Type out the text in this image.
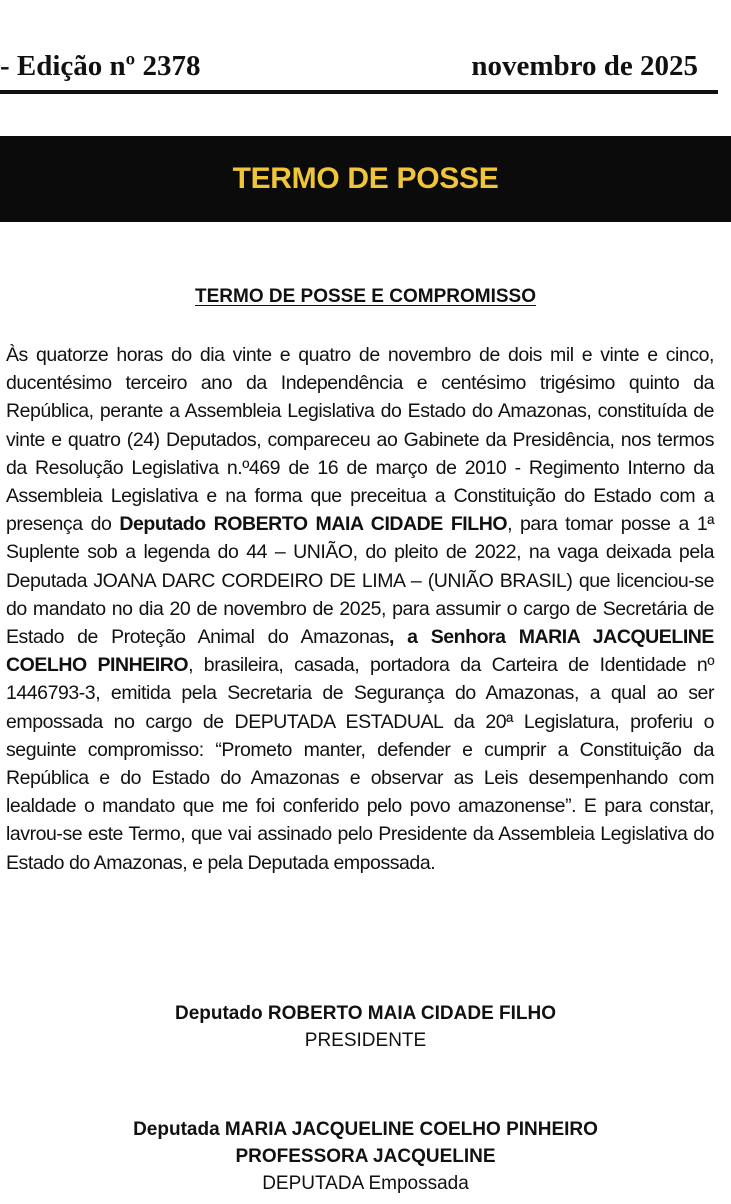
- Edição nº 2378	novembro de 2025
TERMO DE POSSE
TERMO DE POSSE E COMPROMISSO
Às quatorze horas do dia vinte e quatro de novembro de dois mil e vinte e cinco, ducentésimo terceiro ano da Independência e centésimo trigésimo quinto da República, perante a Assembleia Legislativa do Estado do Amazonas, constituída de vinte e quatro (24) Deputados, compareceu ao Gabinete da Presidência, nos termos da Resolução Legislativa n.º469 de 16 de março de 2010 - Regimento Interno da Assembleia Legislativa e na forma que preceitua a Constituição do Estado com a presença do Deputado ROBERTO MAIA CIDADE FILHO, para tomar posse a 1ª Suplente sob a legenda do 44 – UNIÃO, do pleito de 2022, na vaga deixada pela Deputada JOANA DARC CORDEIRO DE LIMA – (UNIÃO BRASIL) que licenciou-se do mandato no dia 20 de novembro de 2025, para assumir o cargo de Secretária de Estado de Proteção Animal do Amazonas, a Senhora MARIA JACQUELINE COELHO PINHEIRO, brasileira, casada, portadora da Carteira de Identidade nº 1446793-3, emitida pela Secretaria de Segurança do Amazonas, a qual ao ser empossada no cargo de DEPUTADA ESTADUAL da 20ª Legislatura, proferiu o seguinte compromisso: “Prometo manter, defender e cumprir a Constituição da República e do Estado do Amazonas e observar as Leis desempenhando com lealdade o mandato que me foi conferido pelo povo amazonense”. E para constar, lavrou-se este Termo, que vai assinado pelo Presidente da Assembleia Legislativa do Estado do Amazonas, e pela Deputada empossada.
Deputado ROBERTO MAIA CIDADE FILHO
PRESIDENTE
Deputada MARIA JACQUELINE COELHO PINHEIRO
PROFESSORA JACQUELINE
DEPUTADA Empossada
